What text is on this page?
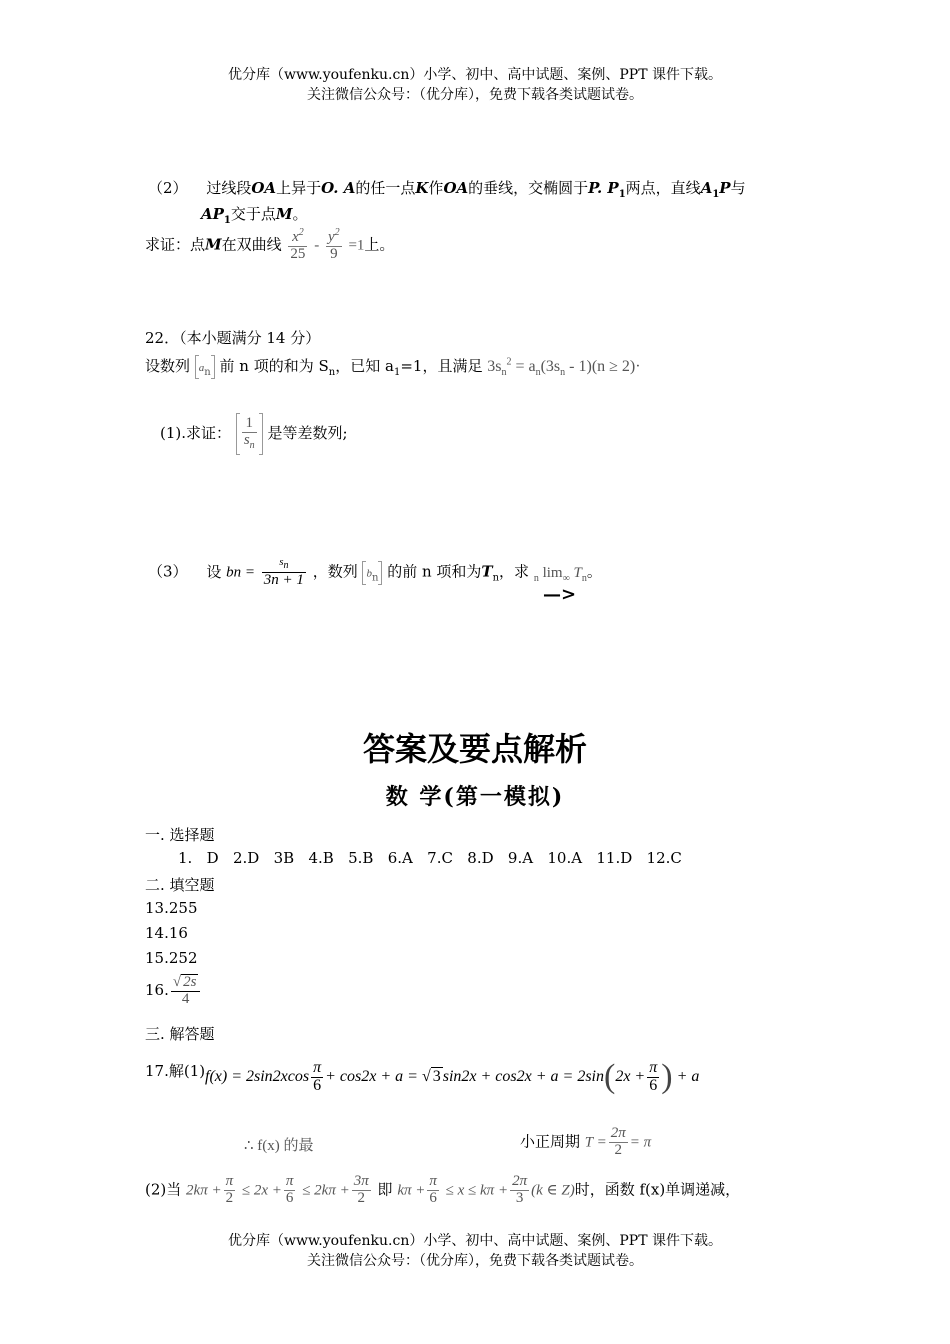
优分库（www.youfenku.cn）小学、初中、高中试题、案例、PPT 课件下载。
关注微信公众号：（优分库），免费下载各类试题试卷。
（2） 过线段OA上异于O. A的任一点K作OA的垂线，交椭圆于P. $P_1$两点，直线$A_1P$与
$AP_1$交于点M。
求证：点M在双曲线 $\frac{x^2}{25} - \frac{y^2}{9} =1$上。
22．（本小题满分 14 分）
设数列 $a_n$ 前 n 项的和为 $S_n$，已知 $a_1=1$，且满足 $3s_n^2 = a_n(3s_n - 1)(n \ge 2)\cdot$
(1).求证： $\frac{1}{s_n}$ 是等差数列;
（3） 设 bn = $\frac{s_n}{3n + 1}$ ，数列 $b_n$ 的前 n 项和为$T_n$，求 $_n$ $\lim_\infty T_n$。
—>
答案及要点解析
数 学(第一模拟)
一. 选择题
1.   D   2.D   3B   4.B   5.B   6.A   7.C   8.D   9.A   10.A   11.D   12.C
二. 填空题
13.255
14.16
15.252
16. $\frac{√ 2s}{4}$
三. 解答题
17.解(1) $f(x) = 2\sin 2xcos \frac{\pi}{6} + \cos 2x + a$ = √ 3 $\sin 2x + \cos 2x + a = 2\sin(2x + \frac{\pi}{6}$ ) + a
∴ f(x) 的最	小正周期 $T = \frac{2\pi}{2} = \pi$
(2)当 $2k\pi + \frac{\pi}{2} \le 2x + \frac{\pi}{6} \le 2k\pi + \frac{3\pi}{2}$ 即 $k\pi + \frac{\pi}{6} \le x \le k\pi + \frac{2\pi}{3} (k$ ∈ Z)时，函数 f(x)单调递减，
优分库（www.youfenku.cn）小学、初中、高中试题、案例、PPT 课件下载。
关注微信公众号：（优分库），免费下载各类试题试卷。
